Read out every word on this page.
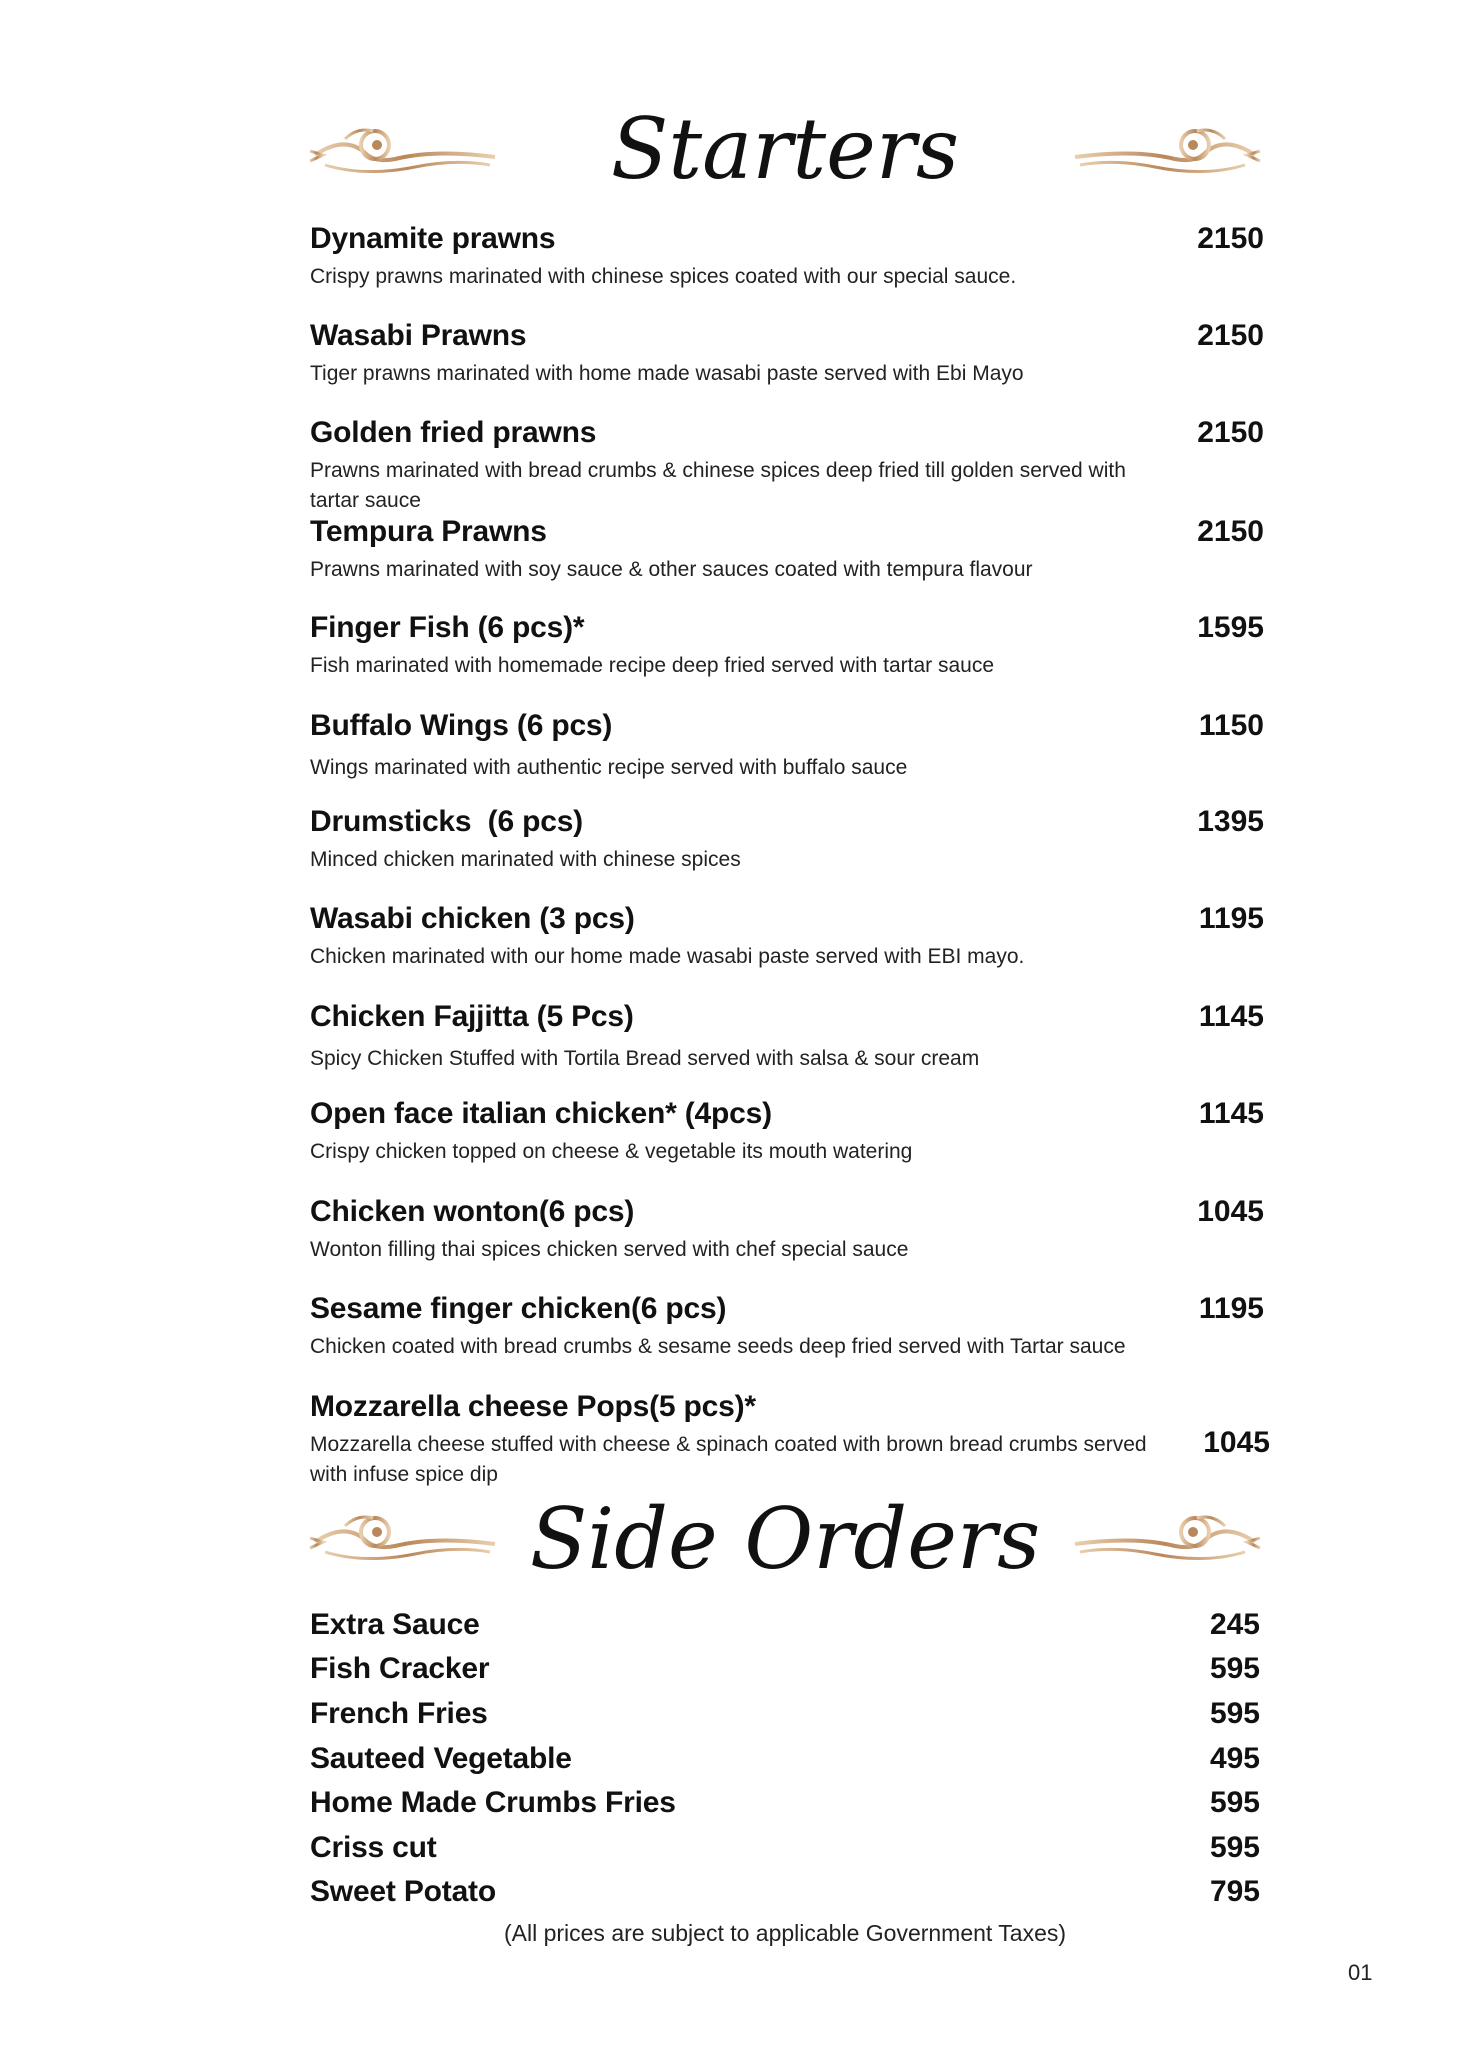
Starters
Dynamite prawns
Crispy prawns marinated with chinese spices coated with our special sauce.
2150
Wasabi Prawns
Tiger prawns marinated with home made wasabi paste served with Ebi Mayo
2150
Golden fried prawns
Prawns marinated with bread crumbs & chinese spices deep fried till golden served with tartar sauce
2150
Tempura Prawns
Prawns marinated with soy sauce & other sauces coated with tempura flavour
2150
Finger Fish (6 pcs)*
Fish marinated with homemade recipe deep fried served with tartar sauce
1595
Buffalo Wings (6 pcs)
Wings marinated with authentic recipe served with buffalo sauce
1150
Drumsticks  (6 pcs)
Minced chicken marinated with chinese spices
1395
Wasabi chicken (3 pcs)
Chicken marinated with our home made wasabi paste served with EBI mayo.
1195
Chicken Fajjitta (5 Pcs)
Spicy Chicken Stuffed with Tortila Bread served with salsa & sour cream
1145
Open face italian chicken* (4pcs)
Crispy chicken topped on cheese & vegetable its mouth watering
1145
Chicken wonton(6 pcs)
Wonton filling thai spices chicken served with chef special sauce
1045
Sesame finger chicken(6 pcs)
Chicken coated with bread crumbs & sesame seeds deep fried served with Tartar sauce
1195
Mozzarella cheese Pops(5 pcs)*
Mozzarella cheese stuffed with cheese & spinach coated with brown bread crumbs served with infuse spice dip
1045
Side Orders
Extra Sauce	245
Fish Cracker	595
French Fries	595
Sauteed Vegetable	495
Home Made Crumbs Fries	595
Criss cut	595
Sweet Potato	795
(All prices are subject to applicable Government Taxes)
01
